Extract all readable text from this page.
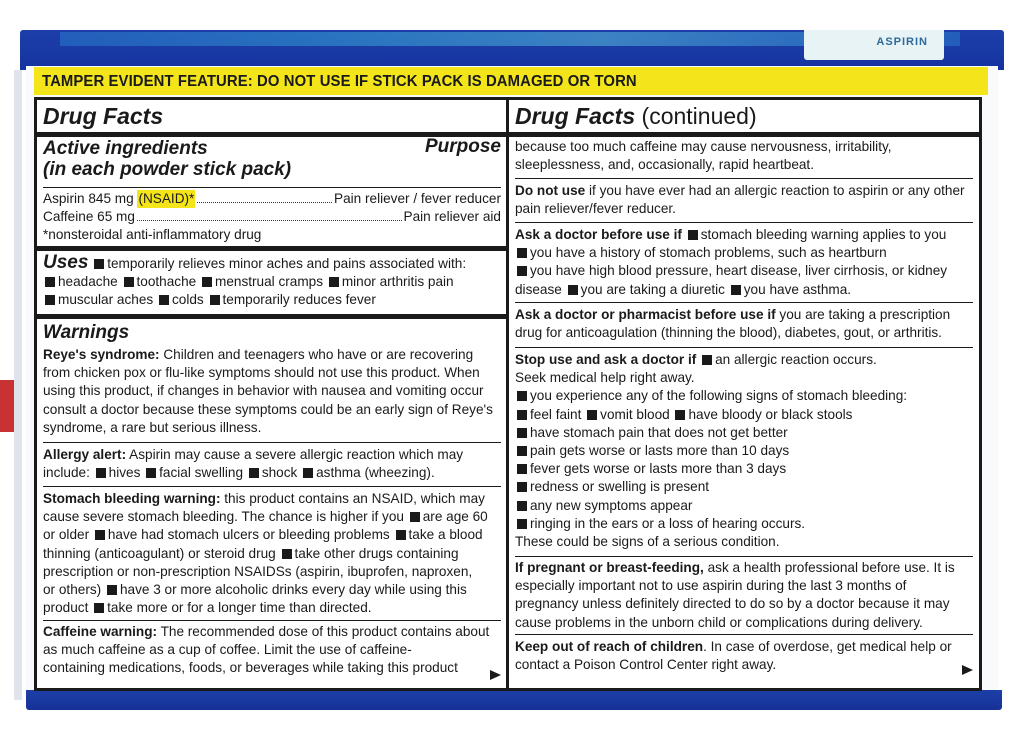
ASPIRIN
TAMPER EVIDENT FEATURE: DO NOT USE IF STICK PACK IS DAMAGED OR TORN
Drug Facts
Active ingredients
(in each powder stick pack)
Purpose
Aspirin 845 mg
(NSAID)*	Pain reliever / fever reducer
Caffeine 65 mg	Pain reliever aid
*nonsteroidal anti-inflammatory drug

Uses temporarily relieves minor aches and pains associated with:

headache toothache menstrual cramps minor arthritis pain

muscular aches colds temporarily reduces fever

Warnings

Reye's syndrome: Children and teenagers who have or are recovering

from chicken pox or flu-like symptoms should not use this product. When

using this product, if changes in behavior with nausea and vomiting occur

consult a doctor because these symptoms could be an early sign of Reye's

syndrome, a rare but serious illness.

Allergy alert: Aspirin may cause a severe allergic reaction which may

include: hives facial swelling shock asthma (wheezing).

Stomach bleeding warning: this product contains an NSAID, which may

cause severe stomach bleeding. The chance is higher if you are age 60

or older have had stomach ulcers or bleeding problems take a blood

thinning (anticoagulant) or steroid drug take other drugs containing

prescription or non-prescription NSAIDSs (aspirin, ibuprofen, naproxen,

or others) have 3 or more alcoholic drinks every day while using this

product take more or for a longer time than directed.

Caffeine warning: The recommended dose of this product contains about

as much caffeine as a cup of coffee. Limit the use of caffeine-

containing medications, foods, or beverages while taking this product

Drug Facts (continued)

because too much caffeine may cause nervousness, irritability,

sleeplessness, and, occasionally, rapid heartbeat.

Do not use if you have ever had an allergic reaction to aspirin or any other

pain reliever/fever reducer.

Ask a doctor before use if stomach bleeding warning applies to you

you have a history of stomach problems, such as heartburn

you have high blood pressure, heart disease, liver cirrhosis, or kidney

disease you are taking a diuretic you have asthma.

Ask a doctor or pharmacist before use if you are taking a prescription

drug for anticoagulation (thinning the blood), diabetes, gout, or arthritis.

Stop use and ask a doctor if an allergic reaction occurs.

Seek medical help right away.

you experience any of the following signs of stomach bleeding:

feel faint vomit blood have bloody or black stools

have stomach pain that does not get better

pain gets worse or lasts more than 10 days

fever gets worse or lasts more than 3 days

redness or swelling is present

any new symptoms appear

ringing in the ears or a loss of hearing occurs.

These could be signs of a serious condition.

If pregnant or breast-feeding, ask a health professional before use. It is

especially important not to use aspirin during the last 3 months of

pregnancy unless definitely directed to do so by a doctor because it may

cause problems in the unborn child or complications during delivery.

Keep out of reach of children. In case of overdose, get medical help or

contact a Poison Control Center right away.
